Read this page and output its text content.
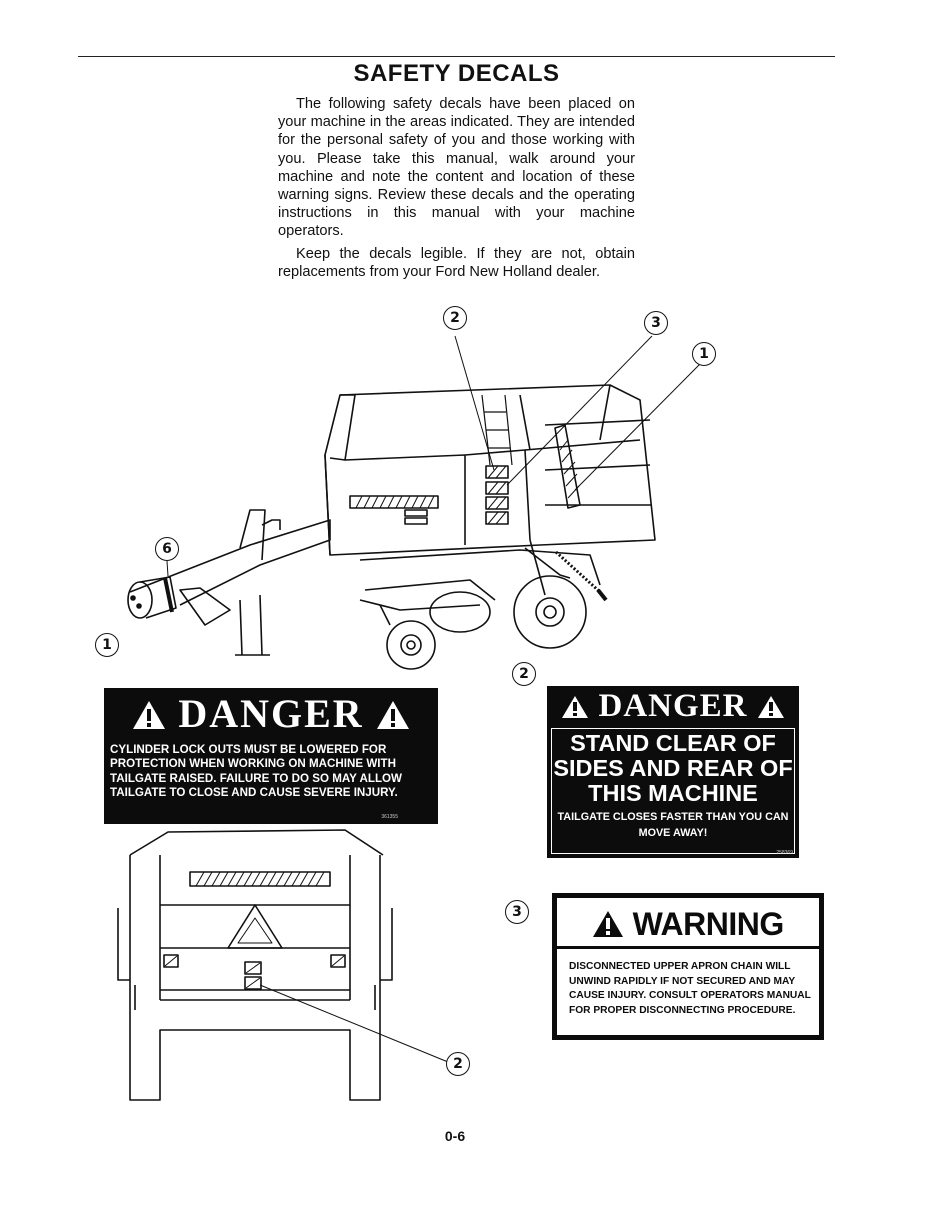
SAFETY DECALS

The following safety decals have been placed on your machine in the areas indicated. They are intended for the personal safety of you and those working with you. Please take this manual, walk around your machine and note the content and location of these warning signs. Review these decals and the operating instructions in this manual with your machine operators.

Keep the decals legible. If they are not, obtain replacements from your Ford New Holland dealer.

2	3
1
6
1
2
3
2
DANGER

CYLINDER LOCK OUTS MUST BE LOWERED FOR PROTECTION WHEN WORKING ON MACHINE WITH TAILGATE RAISED. FAILURE TO DO SO MAY ALLOW TAILGATE TO CLOSE AND CAUSE SEVERE INJURY.

361355
DANGER
STAND CLEAR OF SIDES AND REAR OF THIS MACHINE
TAILGATE CLOSES FASTER THAN YOU CAN MOVE AWAY!
258369
WARNING

DISCONNECTED UPPER APRON CHAIN WILL UNWIND RAPIDLY IF NOT SECURED AND MAY CAUSE INJURY. CONSULT OPERATORS MANUAL FOR PROPER DISCONNECTING PROCEDURE.

0-6
